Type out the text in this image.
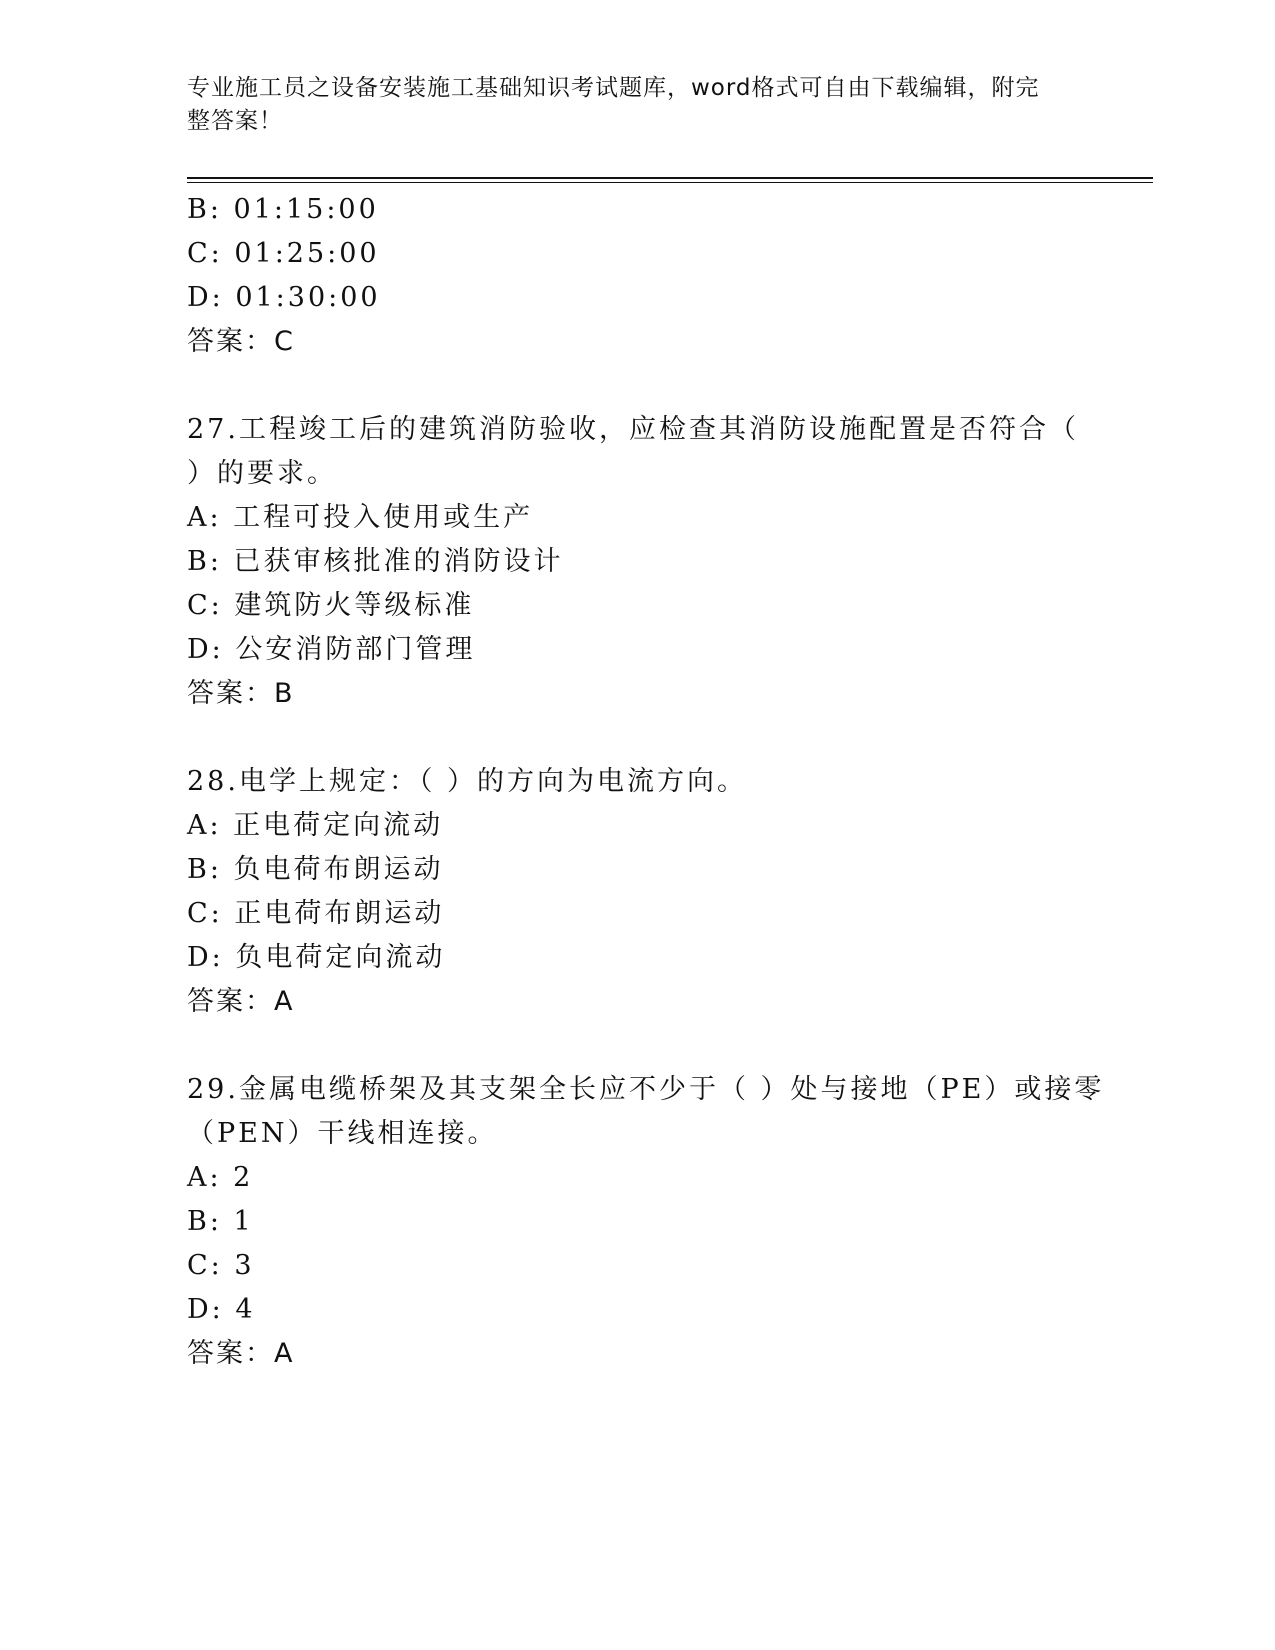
专业施工员之设备安装施工基础知识考试题库，word格式可自由下载编辑，附完
整答案！
B: 01:15:00
C: 01:25:00
D: 01:30:00
答案：C
27.工程竣工后的建筑消防验收，应检查其消防设施配置是否符合（
）的要求。
A: 工程可投入使用或生产
B: 已获审核批准的消防设计
C: 建筑防火等级标准
D: 公安消防部门管理
答案：B
28.电学上规定：（ ）的方向为电流方向。
A: 正电荷定向流动
B: 负电荷布朗运动
C: 正电荷布朗运动
D: 负电荷定向流动
答案：A
29.金属电缆桥架及其支架全长应不少于（ ）处与接地（PE）或接零
（PEN）干线相连接。
A: 2
B: 1
C: 3
D: 4
答案：A
